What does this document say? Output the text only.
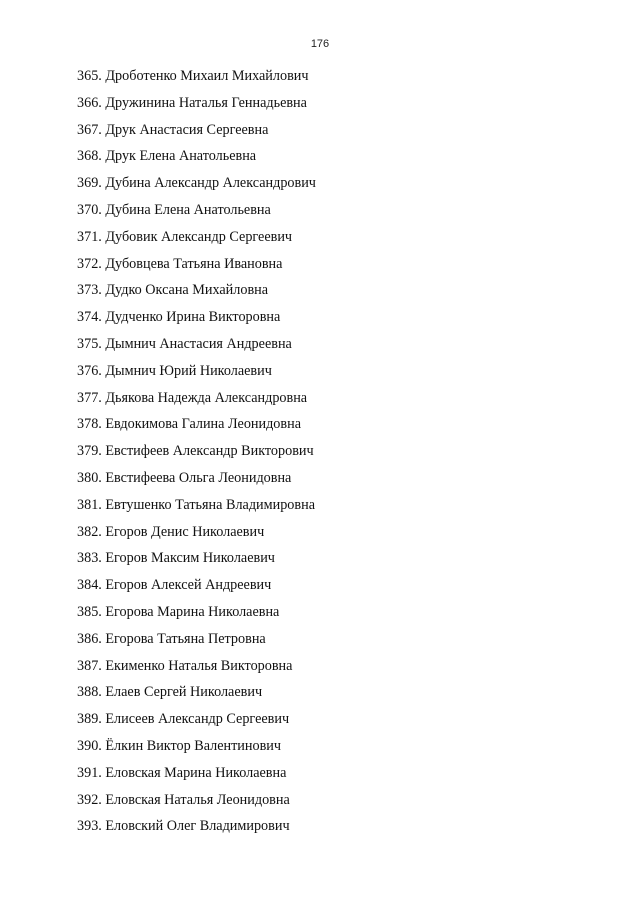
176
365. Дроботенко Михаил Михайлович
366. Дружинина Наталья Геннадьевна
367. Друк Анастасия Сергеевна
368. Друк Елена Анатольевна
369. Дубина Александр Александрович
370. Дубина Елена Анатольевна
371. Дубовик Александр Сергеевич
372. Дубовцева Татьяна Ивановна
373. Дудко Оксана Михайловна
374. Дудченко Ирина Викторовна
375. Дымнич Анастасия Андреевна
376. Дымнич Юрий Николаевич
377. Дьякова Надежда Александровна
378. Евдокимова Галина Леонидовна
379. Евстифеев Александр Викторович
380. Евстифеева Ольга Леонидовна
381. Евтушенко Татьяна Владимировна
382. Егоров Денис Николаевич
383. Егоров Максим Николаевич
384. Егоров Алексей Андреевич
385. Егорова Марина Николаевна
386. Егорова Татьяна Петровна
387. Екименко Наталья Викторовна
388. Елаев Сергей Николаевич
389. Елисеев Александр Сергеевич
390. Ёлкин Виктор Валентинович
391. Еловская Марина Николаевна
392. Еловская Наталья Леонидовна
393. Еловский Олег Владимирович
